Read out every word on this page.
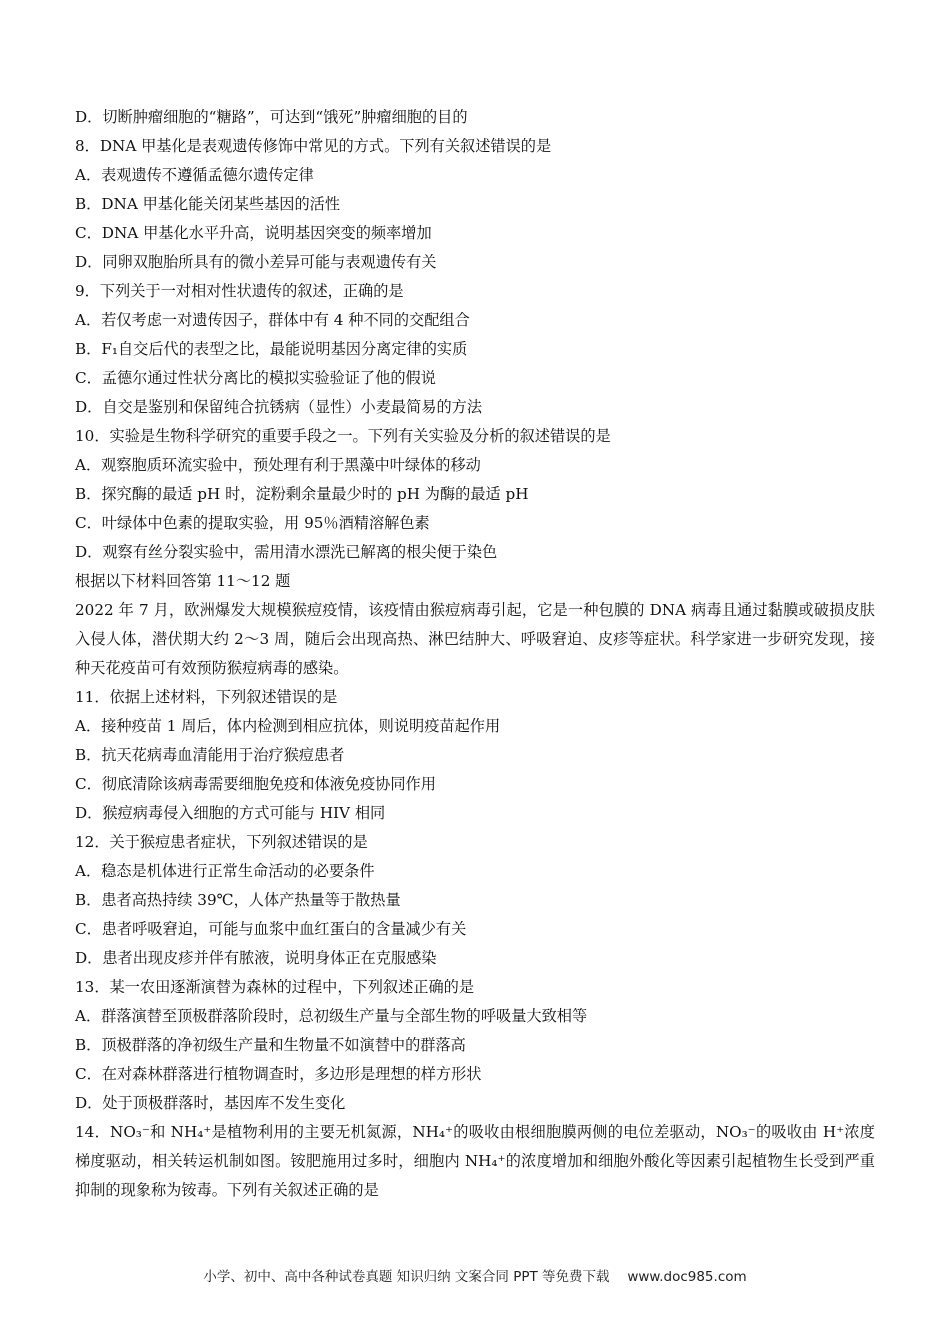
D．切断肿瘤细胞的“糖路”，可达到“饿死”肿瘤细胞的目的
8．DNA 甲基化是表观遗传修饰中常见的方式。下列有关叙述错误的是
A．表观遗传不遵循孟德尔遗传定律
B．DNA 甲基化能关闭某些基因的活性
C．DNA 甲基化水平升高，说明基因突变的频率增加
D．同卵双胞胎所具有的微小差异可能与表观遗传有关
9．下列关于一对相对性状遗传的叙述，正确的是
A．若仅考虑一对遗传因子，群体中有 4 种不同的交配组合
B．F₁自交后代的表型之比，最能说明基因分离定律的实质
C．孟德尔通过性状分离比的模拟实验验证了他的假说
D．自交是鉴别和保留纯合抗锈病（显性）小麦最简易的方法
10．实验是生物科学研究的重要手段之一。下列有关实验及分析的叙述错误的是
A．观察胞质环流实验中，预处理有利于黑藻中叶绿体的移动
B．探究酶的最适 pH 时，淀粉剩余量最少时的 pH 为酶的最适 pH
C．叶绿体中色素的提取实验，用 95％酒精溶解色素
D．观察有丝分裂实验中，需用清水漂洗已解离的根尖便于染色
根据以下材料回答第 11～12 题
2022 年 7 月，欧洲爆发大规模猴痘疫情，该疫情由猴痘病毒引起，它是一种包膜的 DNA 病毒且通过黏膜或破损皮肤入侵人体，潜伏期大约 2～3 周，随后会出现高热、淋巴结肿大、呼吸窘迫、皮疹等症状。科学家进一步研究发现，接种天花疫苗可有效预防猴痘病毒的感染。
11．依据上述材料，下列叙述错误的是
A．接种疫苗 1 周后，体内检测到相应抗体，则说明疫苗起作用
B．抗天花病毒血清能用于治疗猴痘患者
C．彻底清除该病毒需要细胞免疫和体液免疫协同作用
D．猴痘病毒侵入细胞的方式可能与 HIV 相同
12．关于猴痘患者症状，下列叙述错误的是
A．稳态是机体进行正常生命活动的必要条件
B．患者高热持续 39℃，人体产热量等于散热量
C．患者呼吸窘迫，可能与血浆中血红蛋白的含量减少有关
D．患者出现皮疹并伴有脓液，说明身体正在克服感染
13．某一农田逐渐演替为森林的过程中，下列叙述正确的是
A．群落演替至顶极群落阶段时，总初级生产量与全部生物的呼吸量大致相等
B．顶极群落的净初级生产量和生物量不如演替中的群落高
C．在对森林群落进行植物调查时，多边形是理想的样方形状
D．处于顶极群落时，基因库不发生变化
14．NO₃⁻和 NH₄⁺是植物利用的主要无机氮源，NH₄⁺的吸收由根细胞膜两侧的电位差驱动，NO₃⁻的吸收由 H⁺浓度梯度驱动，相关转运机制如图。铵肥施用过多时，细胞内 NH₄⁺的浓度增加和细胞外酸化等因素引起植物生长受到严重抑制的现象称为铵毒。下列有关叙述正确的是
小学、初中、高中各种试卷真题 知识归纳 文案合同 PPT 等免费下载　 www.doc985.com
